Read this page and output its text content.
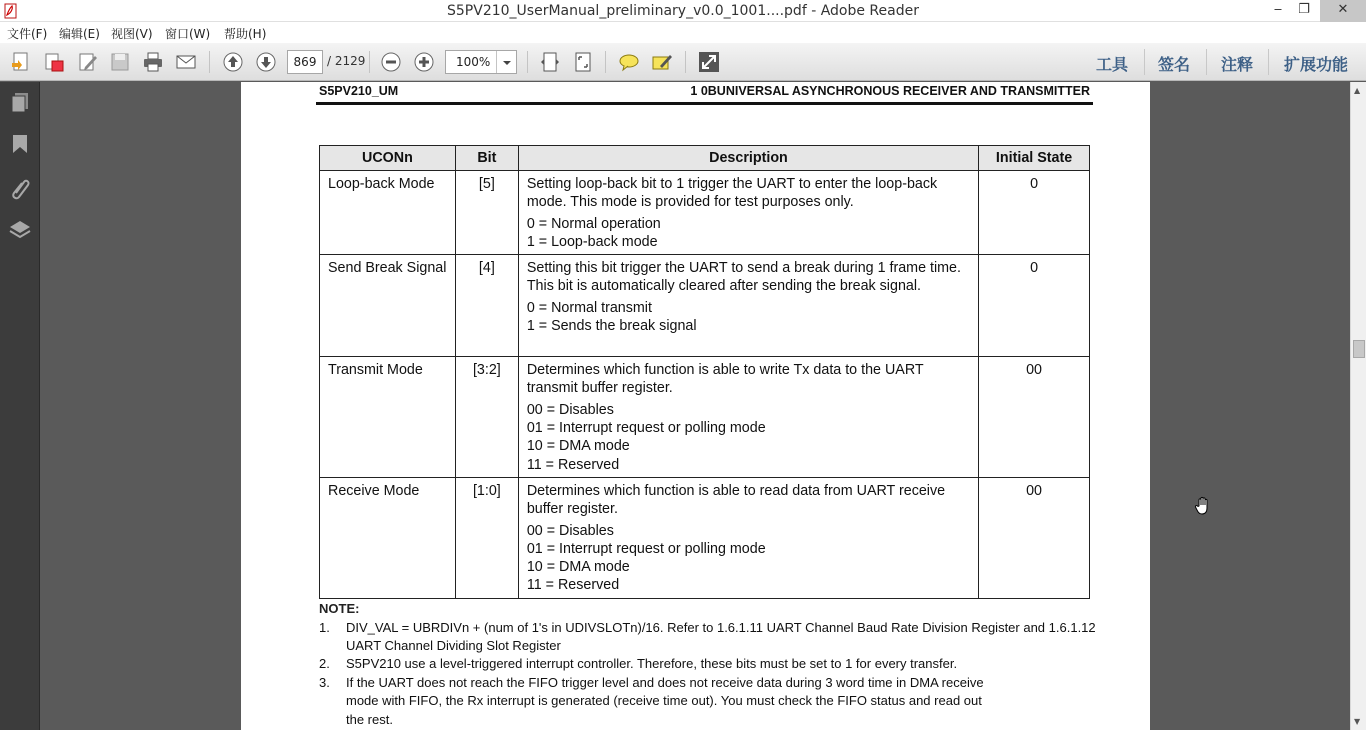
S5PV210_UserManual_preliminary_v0.0_1001....pdf - Adobe Reader	‒	❐	✕
文件(F) 编辑(E) 视图(V) 窗口(W) 帮助(H)
869 / 2129	100%	工具 签名 注释 扩展功能
S5PV210_UM	1 0BUNIVERSAL ASYNCHRONOUS RECEIVER AND TRANSMITTER
UCONn	Bit	Description	Initial State
Loop-back Mode	[5]	Setting loop-back bit to 1 trigger the UART to enter the loop-back mode. This mode is provided for test purposes only.
0 = Normal operation
1 = Loop-back mode	0
Send Break Signal	[4]	Setting this bit trigger the UART to send a break during 1 frame time. This bit is automatically cleared after sending the break signal.
0 = Normal transmit
1 = Sends the break signal	0
Transmit Mode	[3:2]	Determines which function is able to write Tx data to the UART transmit buffer register.
00 = Disables
01 = Interrupt request or polling mode
10 = DMA mode
11 = Reserved	00
Receive Mode	[1:0]	Determines which function is able to read data from UART receive buffer register.
00 = Disables
01 = Interrupt request or polling mode
10 = DMA mode
11 = Reserved	00
NOTE:
1. DIV_VAL = UBRDIVn + (num of 1's in UDIVSLOTn)/16. Refer to 1.6.1.11 UART Channel Baud Rate Division Register and 1.6.1.12 UART Channel Dividing Slot Register
2. S5PV210 use a level-triggered interrupt controller. Therefore, these bits must be set to 1 for every transfer.
3. If the UART does not reach the FIFO trigger level and does not receive data during 3 word time in DMA receive mode with FIFO, the Rx interrupt is generated (receive time out). You must check the FIFO status and read out the rest.
▲
▼
